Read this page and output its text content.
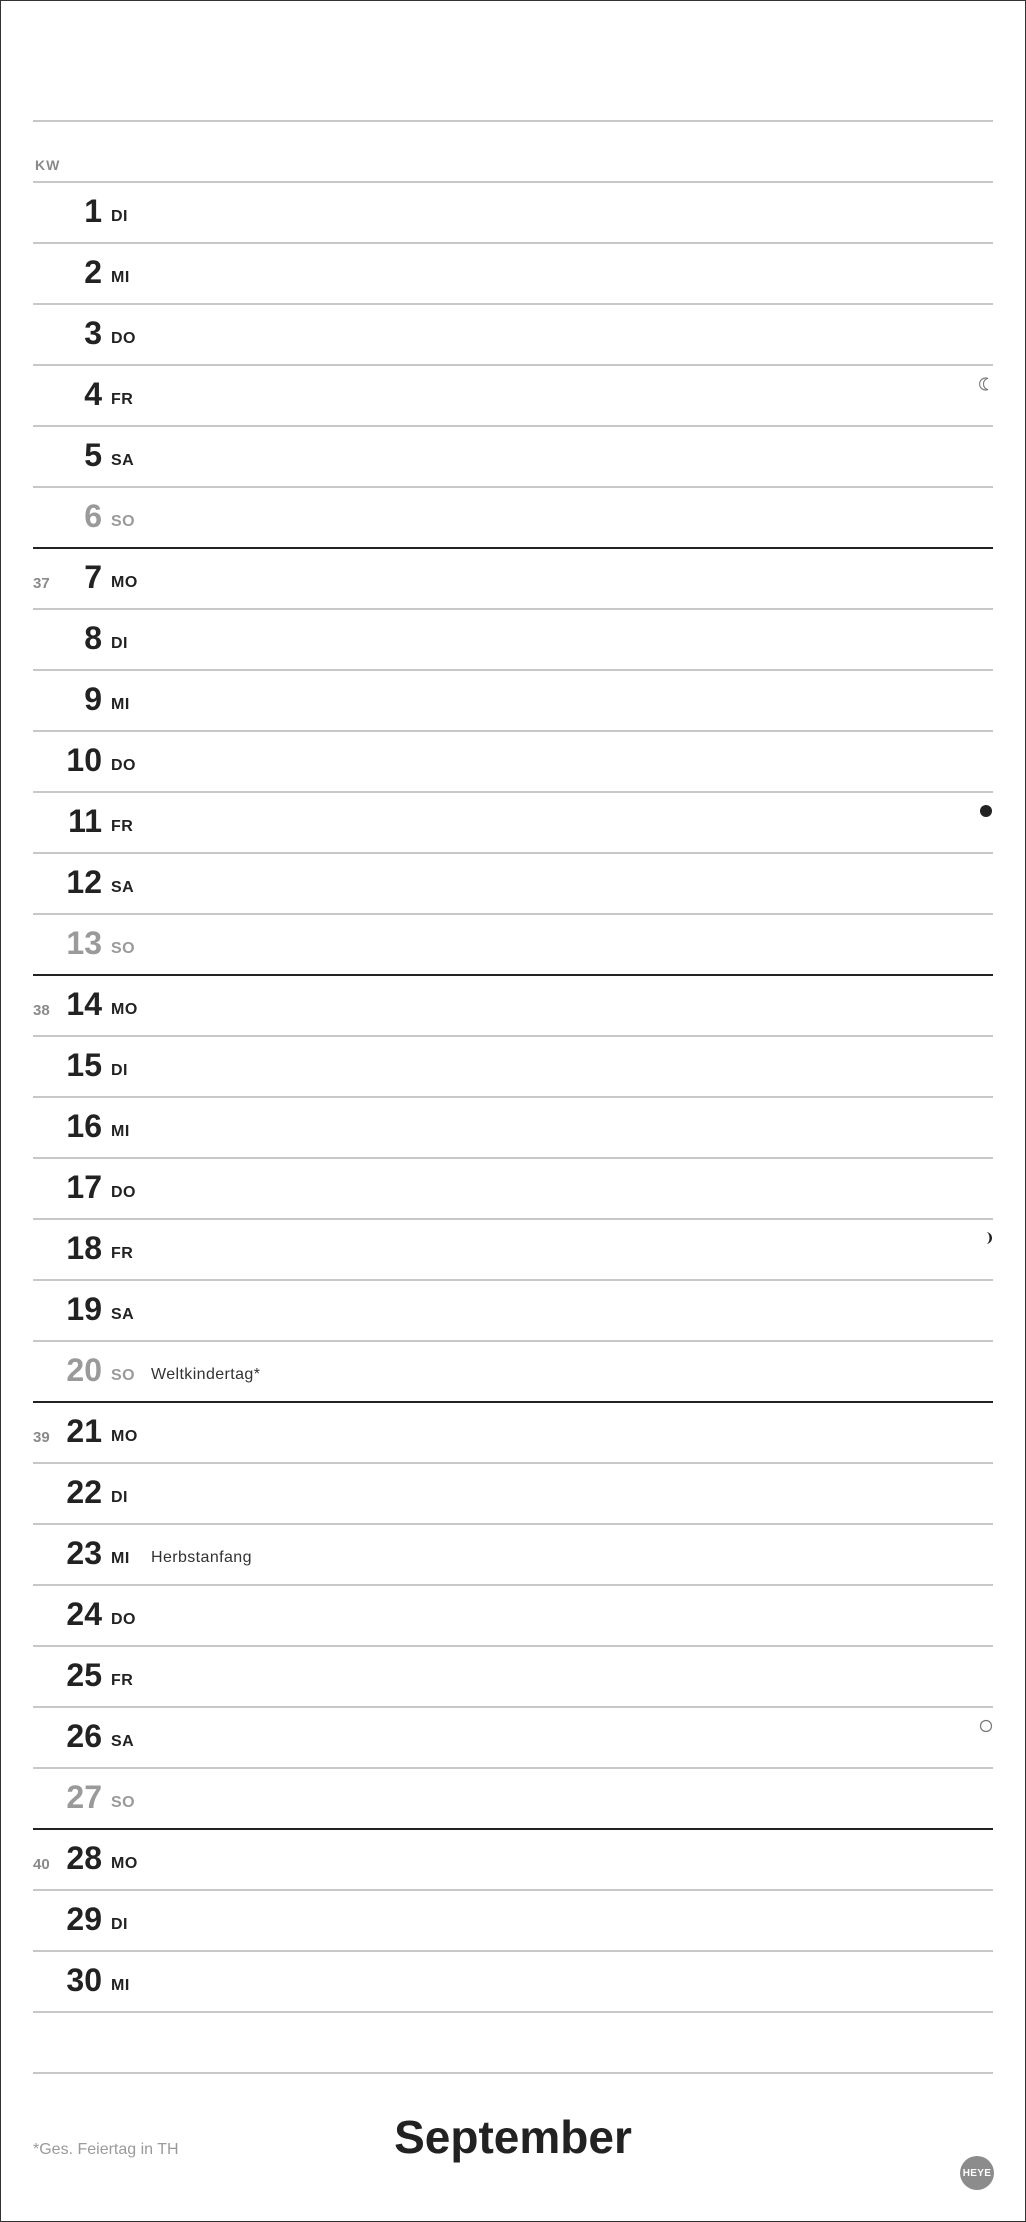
KW
1 DI
2 MI
3 DO
4 FR
5 SA
6 SO
37 7 MO
8 DI
9 MI
10 DO
11 FR
12 SA
13 SO
38 14 MO
15 DI
16 MI
17 DO
18 FR
19 SA
20 SO Weltkindertag*
39 21 MO
22 DI
23 MI Herbstanfang
24 DO
25 FR
26 SA
27 SO
40 28 MO
29 DI
30 MI
*Ges. Feiertag in TH	September
HEYE
